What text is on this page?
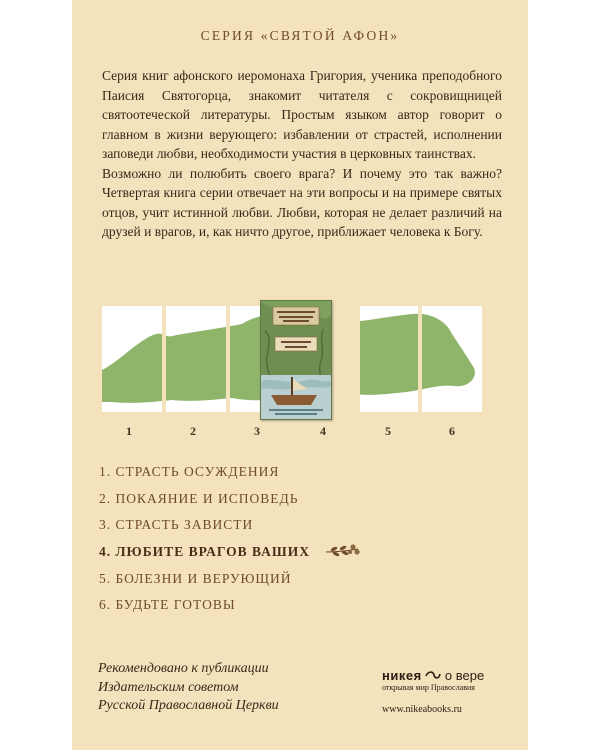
СЕРИЯ «СВЯТОЙ АФОН»

Серия книг афонского иеромонаха Григория, ученика преподобного Паисия Святогорца, знакомит читателя с сокровищницей святоотеческой литературы. Простым языком автор говорит о главном в жизни верующего: избавлении от страстей, исполнении заповеди любви, необходимости участия в церковных таинствах.

Возможно ли полюбить своего врага? И почему это так важно? Четвертая книга серии отвечает на эти вопросы и на примере святых отцов, учит истинной любви. Любви, которая не делает различий на друзей и врагов, и, как ничто другое, приближает человека к Богу.

1	2	3	4	5	6
1. СТРАСТЬ ОСУЖДЕНИЯ
2. ПОКАЯНИЕ И ИСПОВЕДЬ
3. СТРАСТЬ ЗАВИСТИ
4. ЛЮБИТЕ ВРАГОВ ВАШИХ
5. БОЛЕЗНИ И ВЕРУЮЩИЙ
6. БУДЬТЕ ГОТОВЫ
Рекомендовано к публикации
Издательским советом
Русской Православной Церкви
никея о вере
открывая мир Православия
www.nikeabooks.ru
